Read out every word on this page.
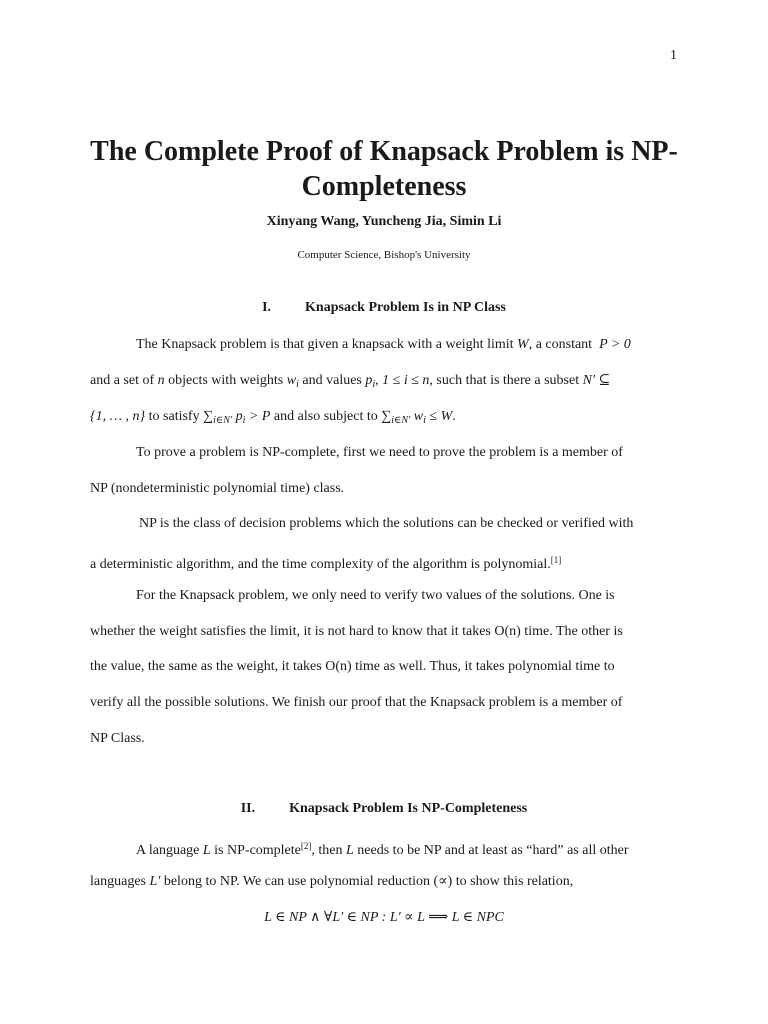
1
The Complete Proof of Knapsack Problem is NP-
Completeness
Xinyang Wang, Yuncheng Jia, Simin Li
Computer Science, Bishop's University
I. Knapsack Problem Is in NP Class
The Knapsack problem is that given a knapsack with a weight limit W, a constant  P > 0
and a set of n objects with weights $w_i$ and values $p_i$, 1 ≤ i ≤ n, such that is there a subset N′ ⊆
{1, … , n} to satisfy $\sum_{i\in N'}$ $p_i > P$ and also subject to $\sum_{i\in N'}$ $w_i \le W$.
To prove a problem is NP-complete, first we need to prove the problem is a member of
NP (nondeterministic polynomial time) class.
NP is the class of decision problems which the solutions can be checked or verified with
a deterministic algorithm, and the time complexity of the algorithm is polynomial.[1]
For the Knapsack problem, we only need to verify two values of the solutions. One is
whether the weight satisfies the limit, it is not hard to know that it takes O(n) time. The other is
the value, the same as the weight, it takes O(n) time as well. Thus, it takes polynomial time to
verify all the possible solutions. We finish our proof that the Knapsack problem is a member of
NP Class.
II. Knapsack Problem Is NP-Completeness
A language L is NP-complete[2], then L needs to be NP and at least as “hard” as all other
languages L′ belong to NP. We can use polynomial reduction (∝) to show this relation,
L ∈ NP ∧ ∀L′ ∈ NP : L′ ∝ L ⟹ L ∈ NPC
